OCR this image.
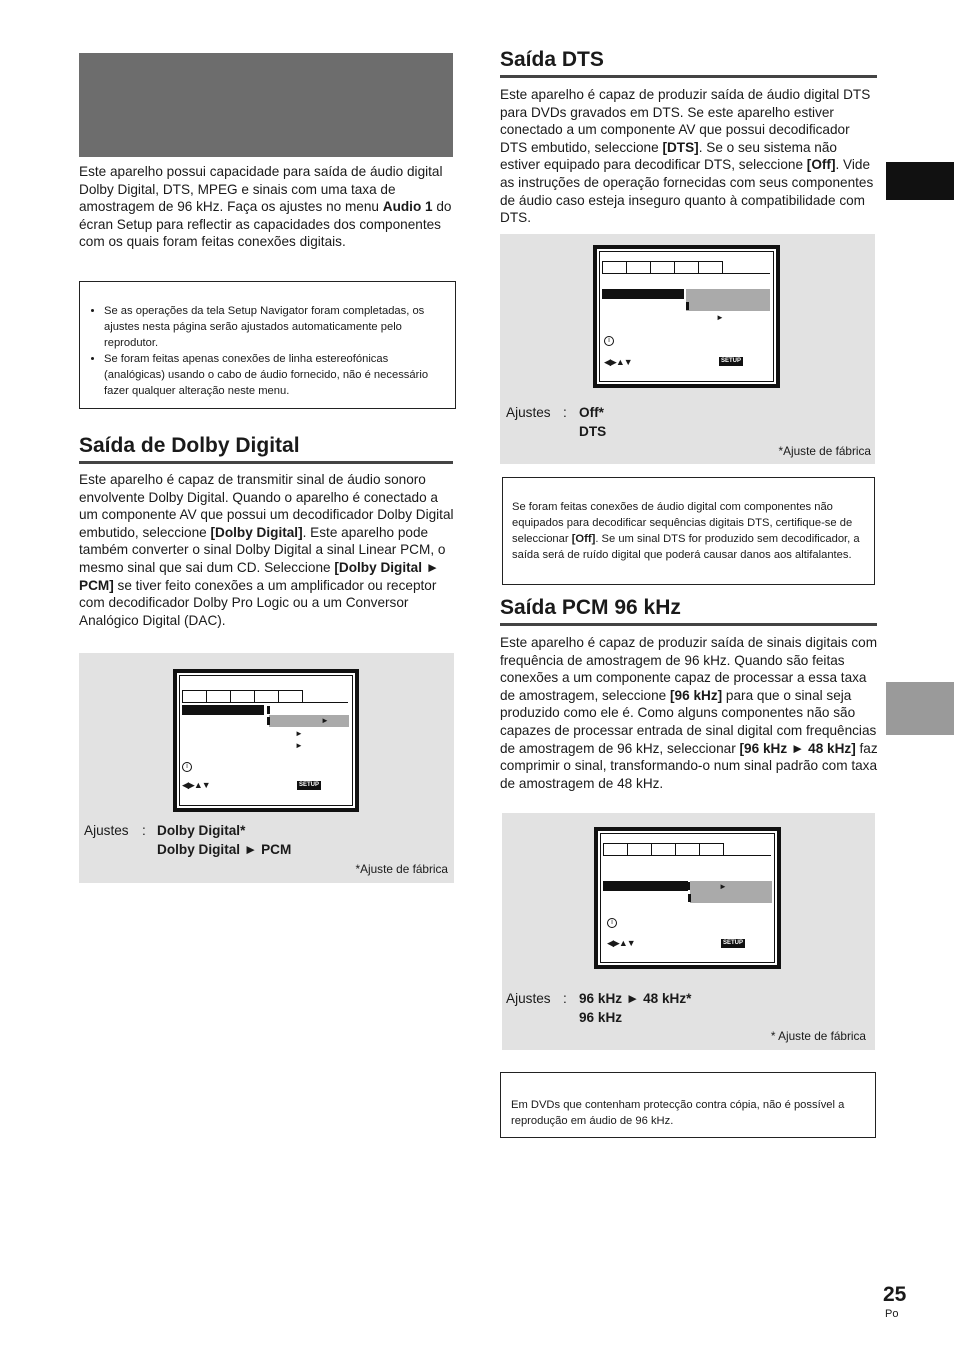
Este aparelho possui capacidade para saída de áudio digital Dolby Digital, DTS, MPEG e sinais com uma taxa de amostragem de 96 kHz. Faça os ajustes no menu Audio 1 do écran Setup para reflectir as capacidades dos componentes com os quais foram feitas conexões digitais.

• Se as operações da tela Setup Navigator foram completadas, os ajustes nesta página serão ajustados automaticamente pelo reprodutor.
• Se foram feitas apenas conexões de linha estereofónicas (analógicas) usando o cabo de áudio fornecido, não é necessário fazer qualquer alteração neste menu.
Saída de Dolby Digital

Este aparelho é capaz de transmitir sinal de áudio sonoro envolvente Dolby Digital. Quando o aparelho é conectado a um componente AV que possui um decodificador Dolby Digital embutido, seleccione [Dolby Digital]. Este aparelho pode também converter o sinal Dolby Digital a sinal Linear PCM, o mesmo sinal que sai dum CD. Seleccione [Dolby Digital ► PCM] se tiver feito conexões a um amplificador ou receptor com decodificador Dolby Pro Logic ou a um Conversor Analógico Digital (DAC).

►
►
►
i
◀▶▲▼	SETUP
Ajustes : Dolby Digital*
Dolby Digital ► PCM
*Ajuste de fábrica
Saída DTS

Este aparelho é capaz de produzir saída de áudio digital DTS para DVDs gravados em DTS. Se este aparelho estiver conectado a um componente AV que possui decodificador DTS embutido, seleccione [DTS]. Se o seu sistema não estiver equipado para decodificar DTS, seleccione [Off]. Vide as instruções de operação fornecidas com seus componentes de áudio caso esteja inseguro quanto à compatibilidade com DTS.

►
i
◀▶▲▼	SETUP
Ajustes : Off*
DTS
*Ajuste de fábrica
Se foram feitas conexões de áudio digital com componentes não equipados para decodificar sequências digitais DTS, certifique-se de seleccionar [Off]. Se um sinal DTS for produzido sem decodificador, a saída será de ruído digital que poderá causar danos aos altifalantes.
Saída PCM 96 kHz

Este aparelho é capaz de produzir saída de sinais digitais com frequência de amostragem de 96 kHz. Quando são feitas conexões a um componente capaz de processar a essa taxa de amostragem, seleccione [96 kHz] para que o sinal seja produzido como ele é. Como alguns componentes não são capazes de processar entrada de sinal digital com frequências de amostragem de 96 kHz, seleccionar [96 kHz ► 48 kHz] faz comprimir o sinal, transformando-o num sinal padrão com taxa de amostragem de 48 kHz.

►
i
◀▶▲▼	SETUP
Ajustes : 96 kHz ► 48 kHz*
96 kHz
* Ajuste de fábrica
Em DVDs que contenham protecção contra cópia, não é possível a reprodução em áudio de 96 kHz.
25
Po
